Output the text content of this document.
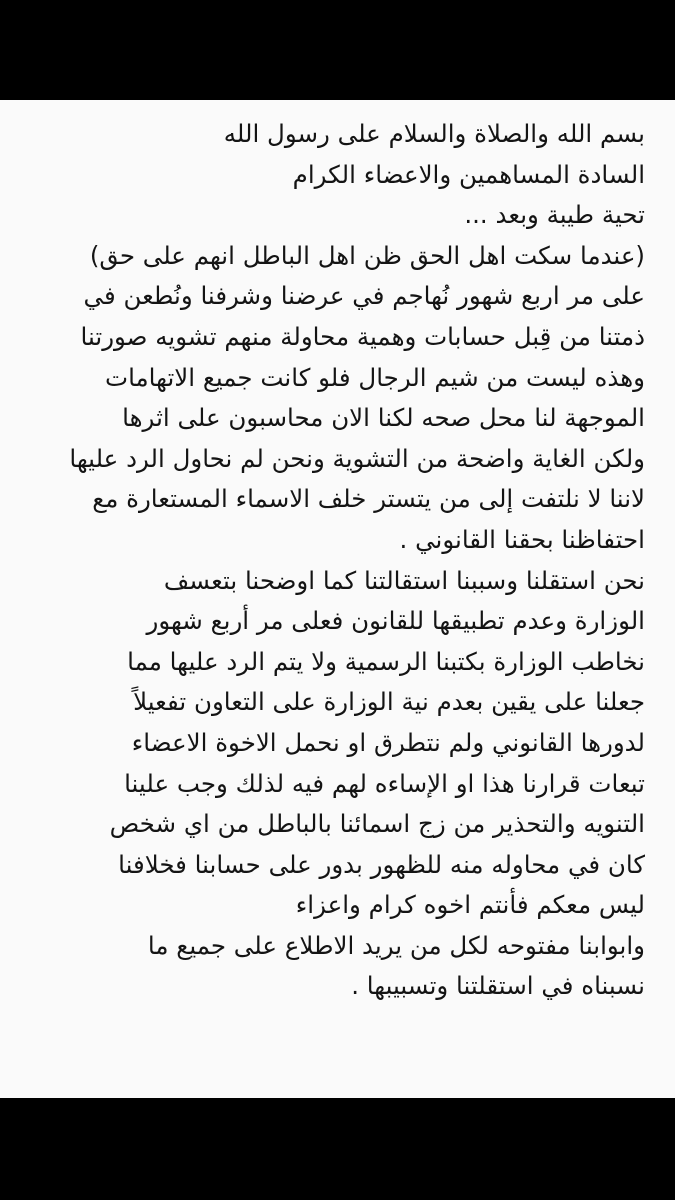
بسم الله والصلاة والسلام على رسول الله
السادة المساهمين والاعضاء الكرام
تحية طيبة وبعد ...
(عندما سكت اهل الحق ظن اهل الباطل انهم على حق)
على مر اربع شهور نُهاجم في عرضنا وشرفنا ونُطعن في
ذمتنا من قِبل حسابات وهمية محاولة منهم تشويه صورتنا
وهذه ليست من شيم الرجال فلو كانت جميع الاتهامات
الموجهة لنا محل صحه لكنا الان محاسبون على اثرها
ولكن الغاية واضحة من التشوية ونحن لم نحاول الرد عليها
لاننا لا نلتفت إلى من يتستر خلف الاسماء المستعارة مع
احتفاظنا بحقنا القانوني .
نحن استقلنا وسببنا استقالتنا كما اوضحنا بتعسف
الوزارة وعدم تطبيقها للقانون فعلى مر أربع شهور
نخاطب الوزارة بكتبنا الرسمية ولا يتم الرد عليها مما
جعلنا على يقين بعدم نية الوزارة على التعاون تفعيلاً
لدورها القانوني ولم نتطرق او نحمل الاخوة الاعضاء
تبعات قرارنا هذا او الإساءه لهم فيه لذلك وجب علينا
التنويه والتحذير من زج اسمائنا بالباطل من اي شخص
كان في محاوله منه للظهور بدور على حسابنا فخلافنا
ليس معكم فأنتم اخوه كرام واعزاء
وابوابنا مفتوحه لكل من يريد الاطلاع على جميع ما
نسبناه في استقلتنا وتسبيبها .
